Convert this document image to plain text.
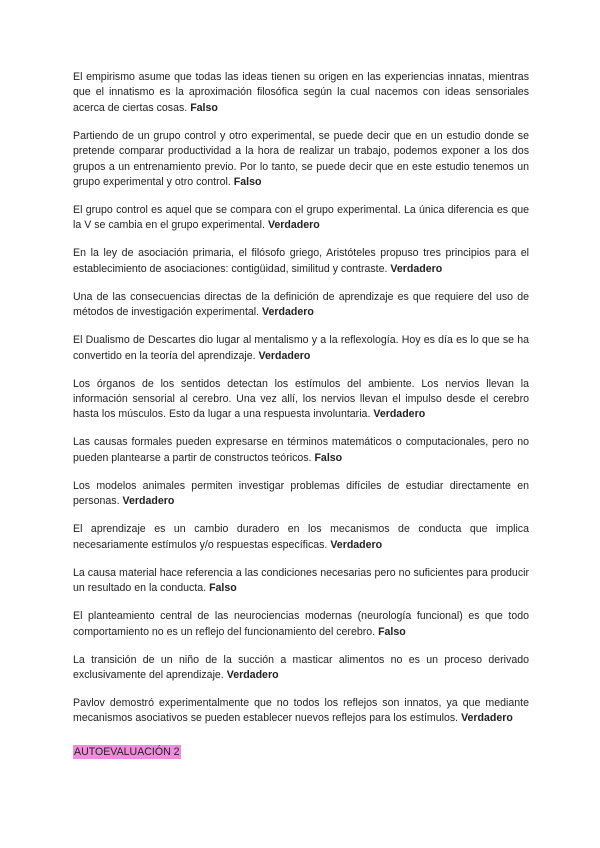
El empirismo asume que todas las ideas tienen su origen en las experiencias innatas, mientras que el innatismo es la aproximación filosófica según la cual nacemos con ideas sensoriales acerca de ciertas cosas. Falso

Partiendo de un grupo control y otro experimental, se puede decir que en un estudio donde se pretende comparar productividad a la hora de realizar un trabajo, podemos exponer a los dos grupos a un entrenamiento previo. Por lo tanto, se puede decir que en este estudio tenemos un grupo experimental y otro control. Falso

El grupo control es aquel que se compara con el grupo experimental. La única diferencia es que la V se cambia en el grupo experimental. Verdadero

En la ley de asociación primaria, el filósofo griego, Aristóteles propuso tres principios para el establecimiento de asociaciones: contigüidad, similitud y contraste. Verdadero

Una de las consecuencias directas de la definición de aprendizaje es que requiere del uso de métodos de investigación experimental. Verdadero

El Dualismo de Descartes dio lugar al mentalismo y a la reflexología. Hoy es día es lo que se ha convertido en la teoría del aprendizaje. Verdadero

Los órganos de los sentidos detectan los estímulos del ambiente. Los nervios llevan la información sensorial al cerebro. Una vez allí, los nervios llevan el impulso desde el cerebro hasta los músculos. Esto da lugar a una respuesta involuntaria. Verdadero

Las causas formales pueden expresarse en términos matemáticos o computacionales, pero no pueden plantearse a partir de constructos teóricos. Falso

Los modelos animales permiten investigar problemas difíciles de estudiar directamente en personas. Verdadero

El aprendizaje es un cambio duradero en los mecanismos de conducta que implica necesariamente estímulos y/o respuestas específicas. Verdadero

La causa material hace referencia a las condiciones necesarias pero no suficientes para producir un resultado en la conducta. Falso

El planteamiento central de las neurociencias modernas (neurología funcional) es que todo comportamiento no es un reflejo del funcionamiento del cerebro. Falso

La transición de un niño de la succión a masticar alimentos no es un proceso derivado exclusivamente del aprendizaje. Verdadero

Pavlov demostró experimentalmente que no todos los reflejos son innatos, ya que mediante mecanismos asociativos se pueden establecer nuevos reflejos para los estímulos. Verdadero

AUTOEVALUACIÓN 2
